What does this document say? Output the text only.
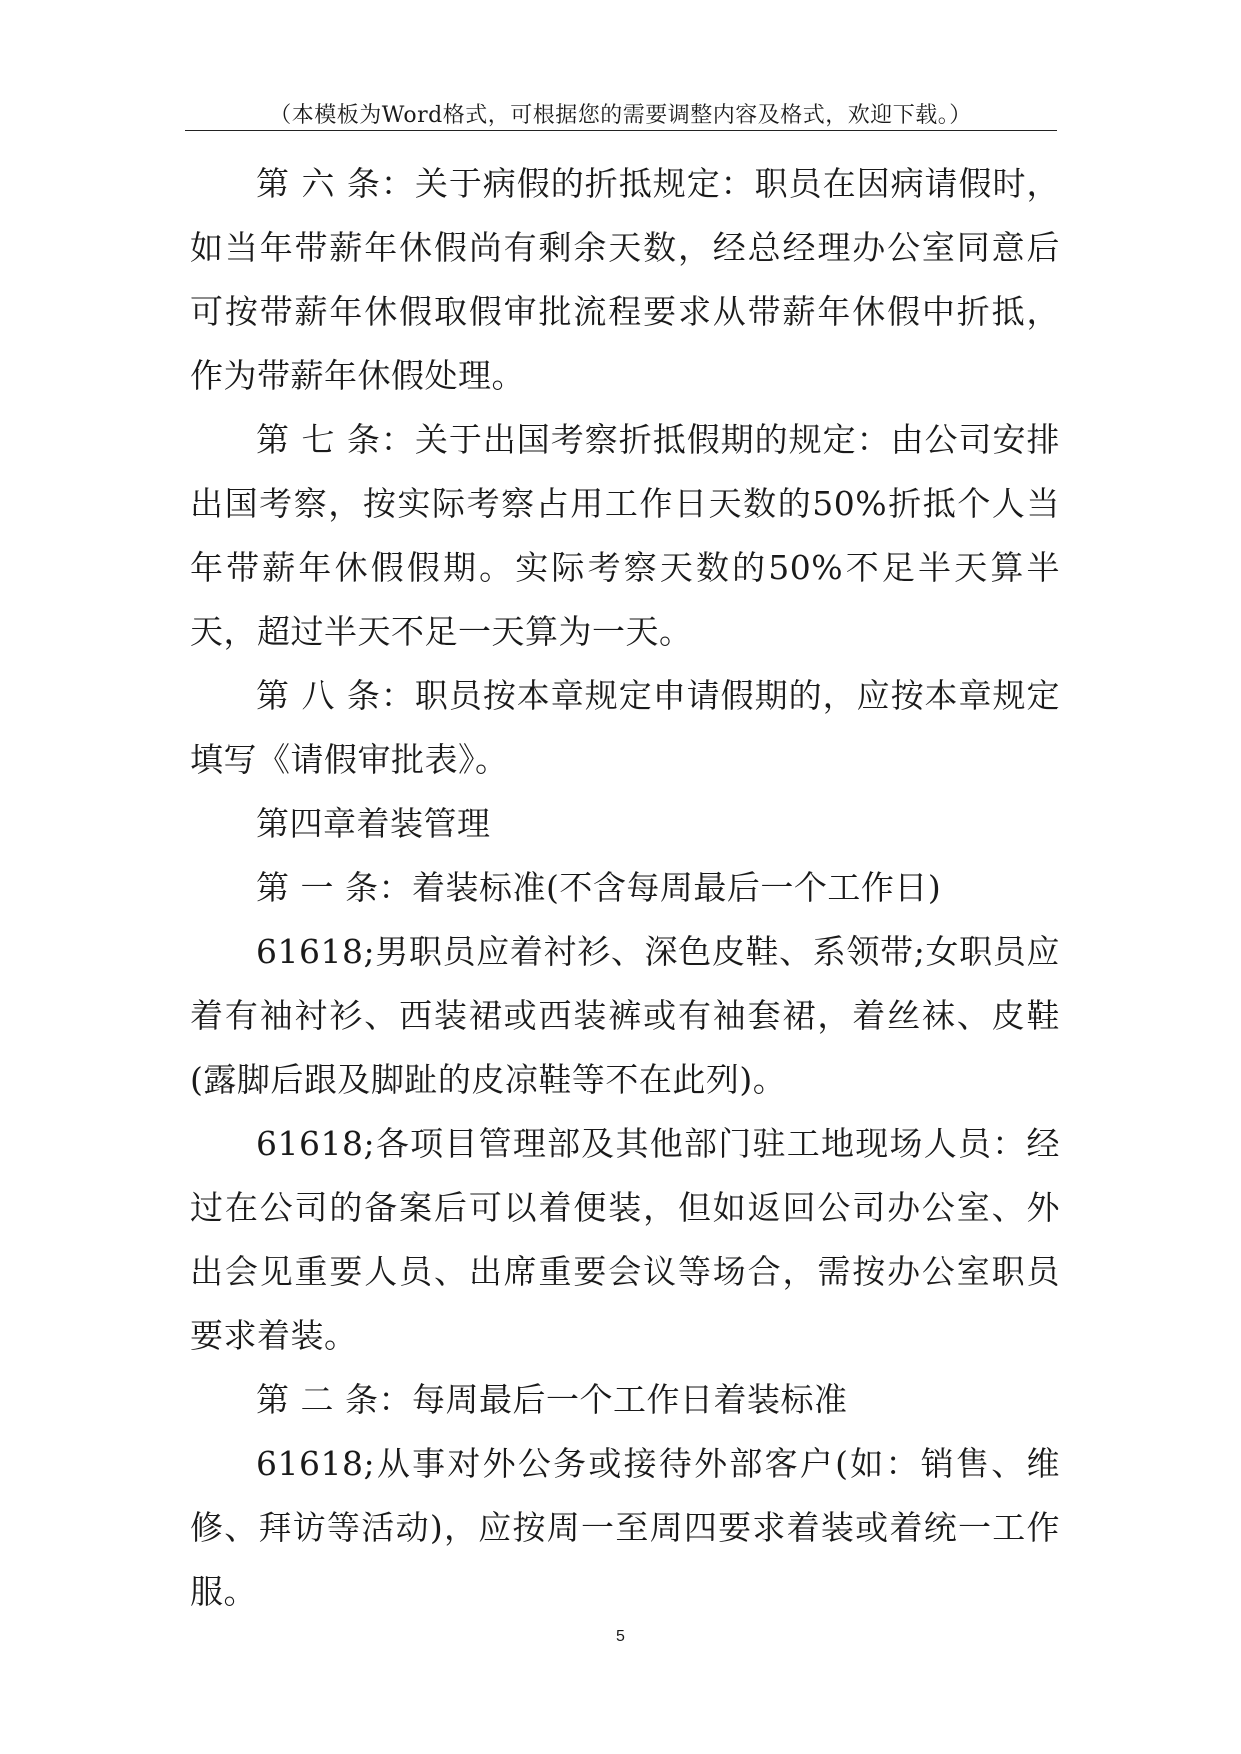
（本模板为Word格式，可根据您的需要调整内容及格式，欢迎下载。）

第 六 条：关于病假的折抵规定：职员在因病请假时，如当年带薪年休假尚有剩余天数，经总经理办公室同意后可按带薪年休假取假审批流程要求从带薪年休假中折抵，作为带薪年休假处理。

第 七 条：关于出国考察折抵假期的规定：由公司安排出国考察，按实际考察占用工作日天数的50%折抵个人当年带薪年休假假期。实际考察天数的50%不足半天算半天，超过半天不足一天算为一天。

第 八 条：职员按本章规定申请假期的，应按本章规定填写《请假审批表》。

第四章着装管理

第 一 条：着装标准(不含每周最后一个工作日)

61618;男职员应着衬衫、深色皮鞋、系领带;女职员应着有袖衬衫、西装裙或西装裤或有袖套裙，着丝袜、皮鞋(露脚后跟及脚趾的皮凉鞋等不在此列)。

61618;各项目管理部及其他部门驻工地现场人员：经过在公司的备案后可以着便装，但如返回公司办公室、外出会见重要人员、出席重要会议等场合，需按办公室职员要求着装。

第 二 条：每周最后一个工作日着装标准

61618;从事对外公务或接待外部客户(如：销售、维修、拜访等活动)，应按周一至周四要求着装或着统一工作服。

5
